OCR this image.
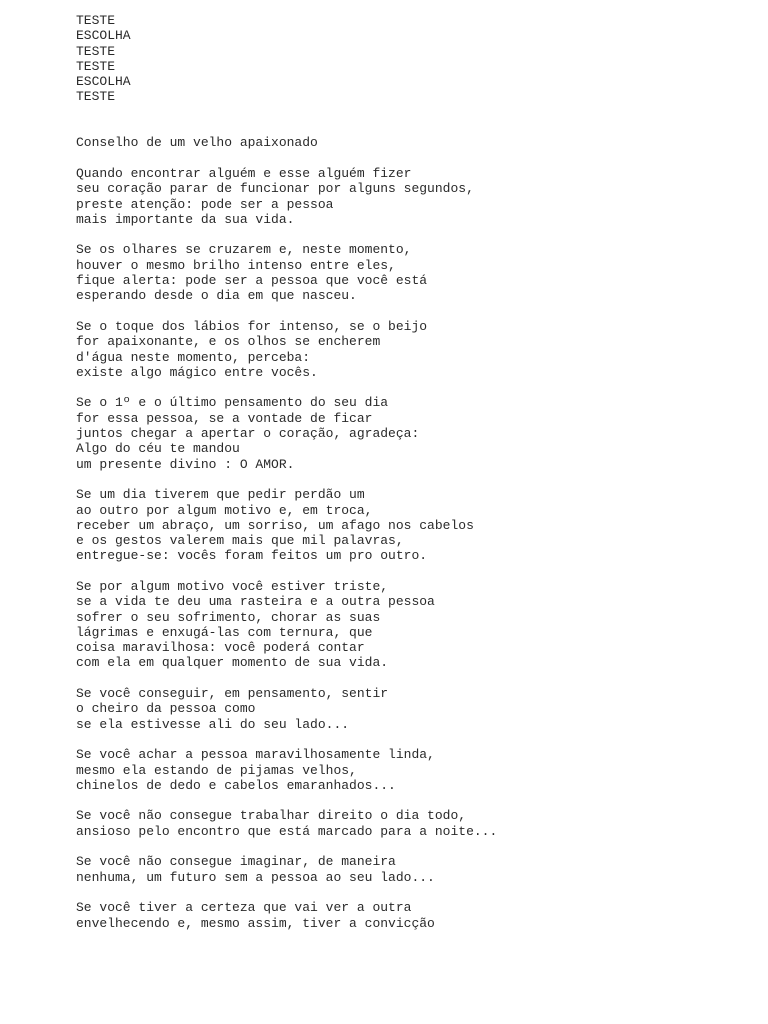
TESTE
ESCOLHA
TESTE
TESTE
ESCOLHA
TESTE
Conselho de um velho apaixonado
Quando encontrar alguém e esse alguém fizer
seu coração parar de funcionar por alguns segundos,
preste atenção: pode ser a pessoa
mais importante da sua vida.
Se os olhares se cruzarem e, neste momento,
houver o mesmo brilho intenso entre eles,
fique alerta: pode ser a pessoa que você está
esperando desde o dia em que nasceu.
Se o toque dos lábios for intenso, se o beijo
for apaixonante, e os olhos se encherem
d'água neste momento, perceba:
existe algo mágico entre vocês.
Se o 1º e o último pensamento do seu dia
for essa pessoa, se a vontade de ficar
juntos chegar a apertar o coração, agradeça:
Algo do céu te mandou
um presente divino : O AMOR.
Se um dia tiverem que pedir perdão um
ao outro por algum motivo e, em troca,
receber um abraço, um sorriso, um afago nos cabelos
e os gestos valerem mais que mil palavras,
entregue-se: vocês foram feitos um pro outro.
Se por algum motivo você estiver triste,
se a vida te deu uma rasteira e a outra pessoa
sofrer o seu sofrimento, chorar as suas
lágrimas e enxugá-las com ternura, que
coisa maravilhosa: você poderá contar
com ela em qualquer momento de sua vida.
Se você conseguir, em pensamento, sentir
o cheiro da pessoa como
se ela estivesse ali do seu lado...
Se você achar a pessoa maravilhosamente linda,
mesmo ela estando de pijamas velhos,
chinelos de dedo e cabelos emaranhados...
Se você não consegue trabalhar direito o dia todo,
ansioso pelo encontro que está marcado para a noite...
Se você não consegue imaginar, de maneira
nenhuma, um futuro sem a pessoa ao seu lado...
Se você tiver a certeza que vai ver a outra
envelhecendo e, mesmo assim, tiver a convicção
